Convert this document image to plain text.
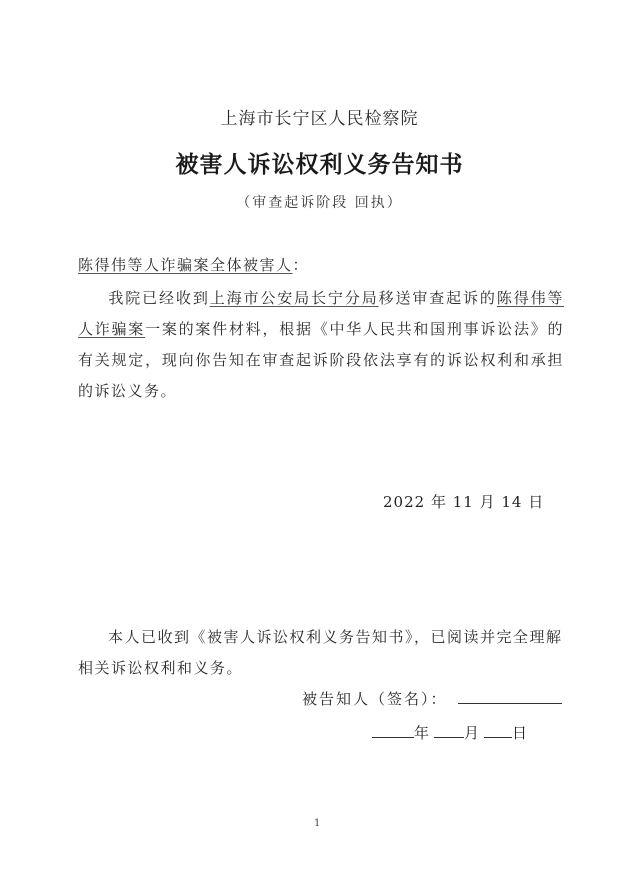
上海市长宁区人民检察院
被害人诉讼权利义务告知书
（审查起诉阶段 回执）
陈得伟等人诈骗案全体被害人：
我院已经收到上海市公安局长宁分局移送审查起诉的陈得伟等人诈骗案一案的案件材料，根据《中华人民共和国刑事诉讼法》的有关规定，现向你告知在审查起诉阶段依法享有的诉讼权利和承担的诉讼义务。
2022 年 11 月 14 日
本人已收到《被害人诉讼权利义务告知书》，已阅读并完全理解相关诉讼权利和义务。
被告知人（签名）：
年 月 日
1
